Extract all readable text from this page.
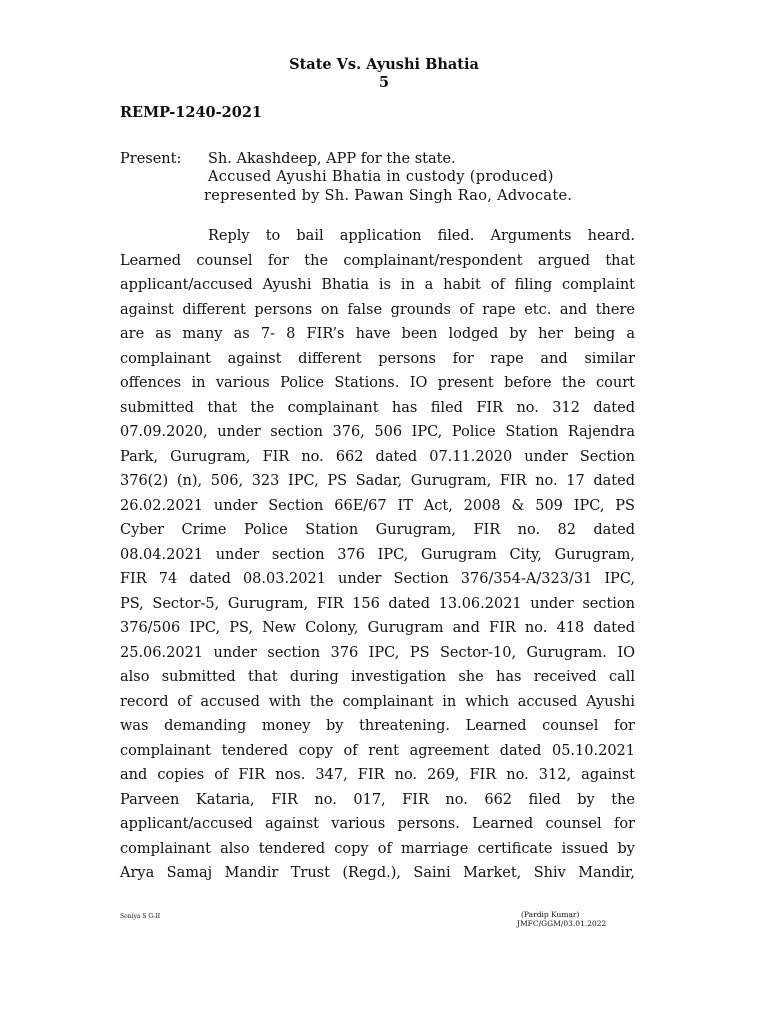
State Vs. Ayushi Bhatia
5
REMP-1240-2021
Present: Sh. Akashdeep, APP for the state.
Accused Ayushi Bhatia in custody (produced)
represented by Sh. Pawan Singh Rao, Advocate.
Reply to bail application filed. Arguments heard.
Learned counsel for the complainant/respondent argued that
applicant/accused Ayushi Bhatia is in a habit of filing complaint
against different persons on false grounds of rape etc. and there
are as many as 7- 8 FIR’s have been lodged by her being a
complainant against different persons for rape and similar
offences in various Police Stations. IO present before the court
submitted that the complainant has filed FIR no. 312 dated
07.09.2020, under section 376, 506 IPC, Police Station Rajendra
Park, Gurugram, FIR no. 662 dated 07.11.2020 under Section
376(2) (n), 506, 323 IPC, PS Sadar, Gurugram, FIR no. 17 dated
26.02.2021 under Section 66E/67 IT Act, 2008 & 509 IPC, PS
Cyber Crime Police Station Gurugram, FIR no. 82 dated
08.04.2021 under section 376 IPC, Gurugram City, Gurugram,
FIR 74 dated 08.03.2021 under Section 376/354-A/323/31 IPC,
PS, Sector-5, Gurugram, FIR 156 dated 13.06.2021 under section
376/506 IPC, PS, New Colony, Gurugram and FIR no. 418 dated
25.06.2021 under section 376 IPC, PS Sector-10, Gurugram. IO
also submitted that during investigation she has received call
record of accused with the complainant in which accused Ayushi
was demanding money by threatening. Learned counsel for
complainant tendered copy of rent agreement dated 05.10.2021
and copies of FIR nos. 347, FIR no. 269, FIR no. 312, against
Parveen Kataria, FIR no. 017, FIR no. 662 filed by the
applicant/accused against various persons. Learned counsel for
complainant also tendered copy of marriage certificate issued by
Arya Samaj Mandir Trust (Regd.), Saini Market, Shiv Mandir,
Soniya S G-II	(Pardip Kumar)
JMFC/GGM/03.01.2022
